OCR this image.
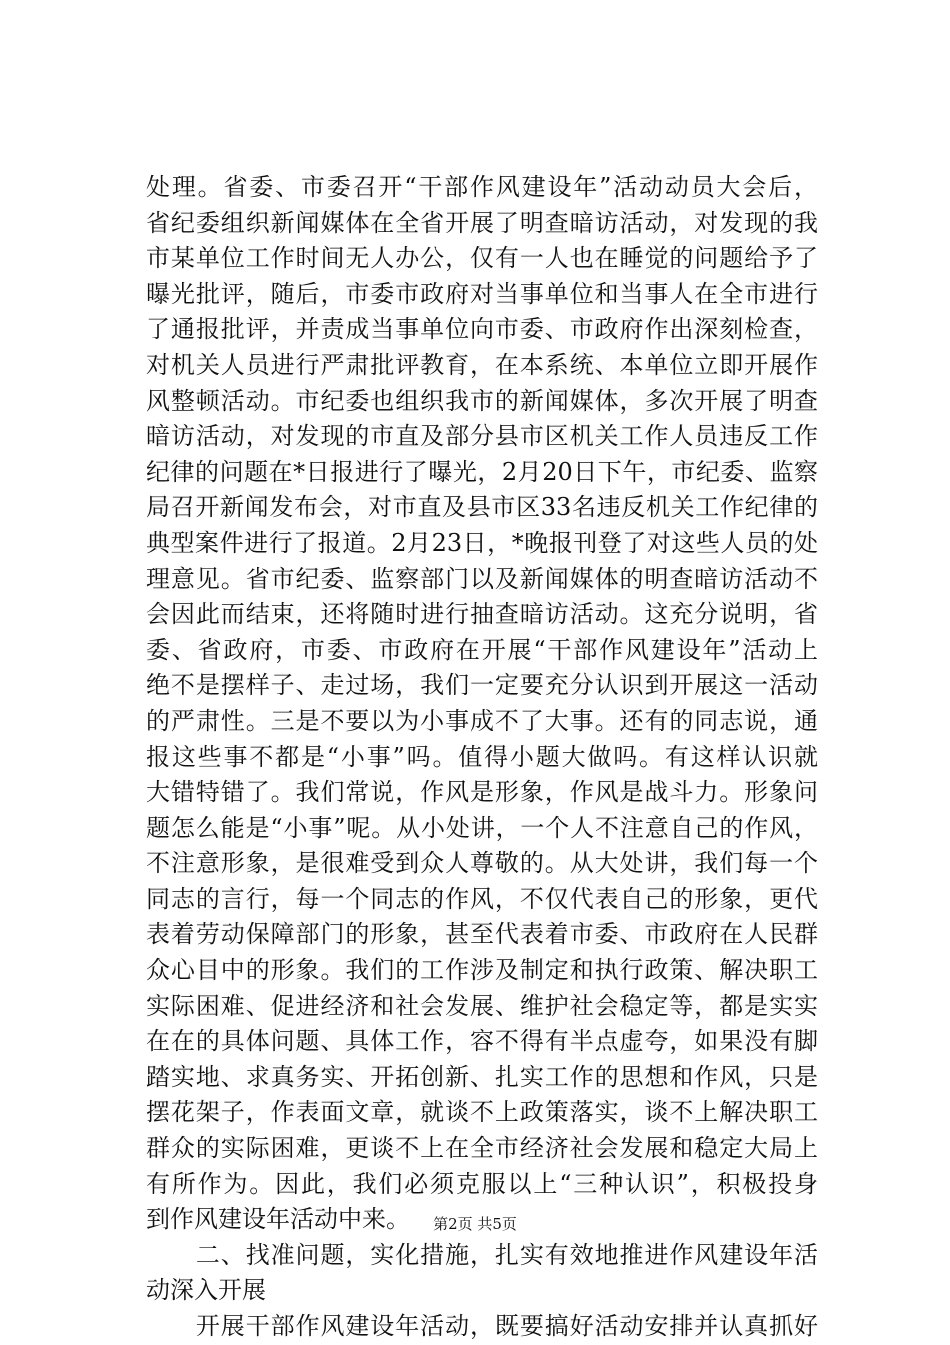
处理。省委、市委召开“干部作风建设年”活动动员大会后，
省纪委组织新闻媒体在全省开展了明查暗访活动，对发现的我
市某单位工作时间无人办公，仅有一人也在睡觉的问题给予了
曝光批评，随后，市委市政府对当事单位和当事人在全市进行
了通报批评，并责成当事单位向市委、市政府作出深刻检查，
对机关人员进行严肃批评教育，在本系统、本单位立即开展作
风整顿活动。市纪委也组织我市的新闻媒体，多次开展了明查
暗访活动，对发现的市直及部分县市区机关工作人员违反工作
纪律的问题在*日报进行了曝光，2月20日下午，市纪委、监察
局召开新闻发布会，对市直及县市区33名违反机关工作纪律的
典型案件进行了报道。2月23日，*晚报刊登了对这些人员的处
理意见。省市纪委、监察部门以及新闻媒体的明查暗访活动不
会因此而结束，还将随时进行抽查暗访活动。这充分说明，省
委、省政府，市委、市政府在开展“干部作风建设年”活动上
绝不是摆样子、走过场，我们一定要充分认识到开展这一活动
的严肃性。三是不要以为小事成不了大事。还有的同志说，通
报这些事不都是“小事”吗。值得小题大做吗。有这样认识就
大错特错了。我们常说，作风是形象，作风是战斗力。形象问
题怎么能是“小事”呢。从小处讲，一个人不注意自己的作风，
不注意形象，是很难受到众人尊敬的。从大处讲，我们每一个
同志的言行，每一个同志的作风，不仅代表自己的形象，更代
表着劳动保障部门的形象，甚至代表着市委、市政府在人民群
众心目中的形象。我们的工作涉及制定和执行政策、解决职工
实际困难、促进经济和社会发展、维护社会稳定等，都是实实
在在的具体问题、具体工作，容不得有半点虚夸，如果没有脚
踏实地、求真务实、开拓创新、扎实工作的思想和作风，只是
摆花架子，作表面文章，就谈不上政策落实，谈不上解决职工
群众的实际困难，更谈不上在全市经济社会发展和稳定大局上
有所作为。因此，我们必须克服以上“三种认识”，积极投身
到作风建设年活动中来。
　　二、找准问题，实化措施，扎实有效地推进作风建设年活
动深入开展
　　开展干部作风建设年活动，既要搞好活动安排并认真抓好
第2页 共5页
